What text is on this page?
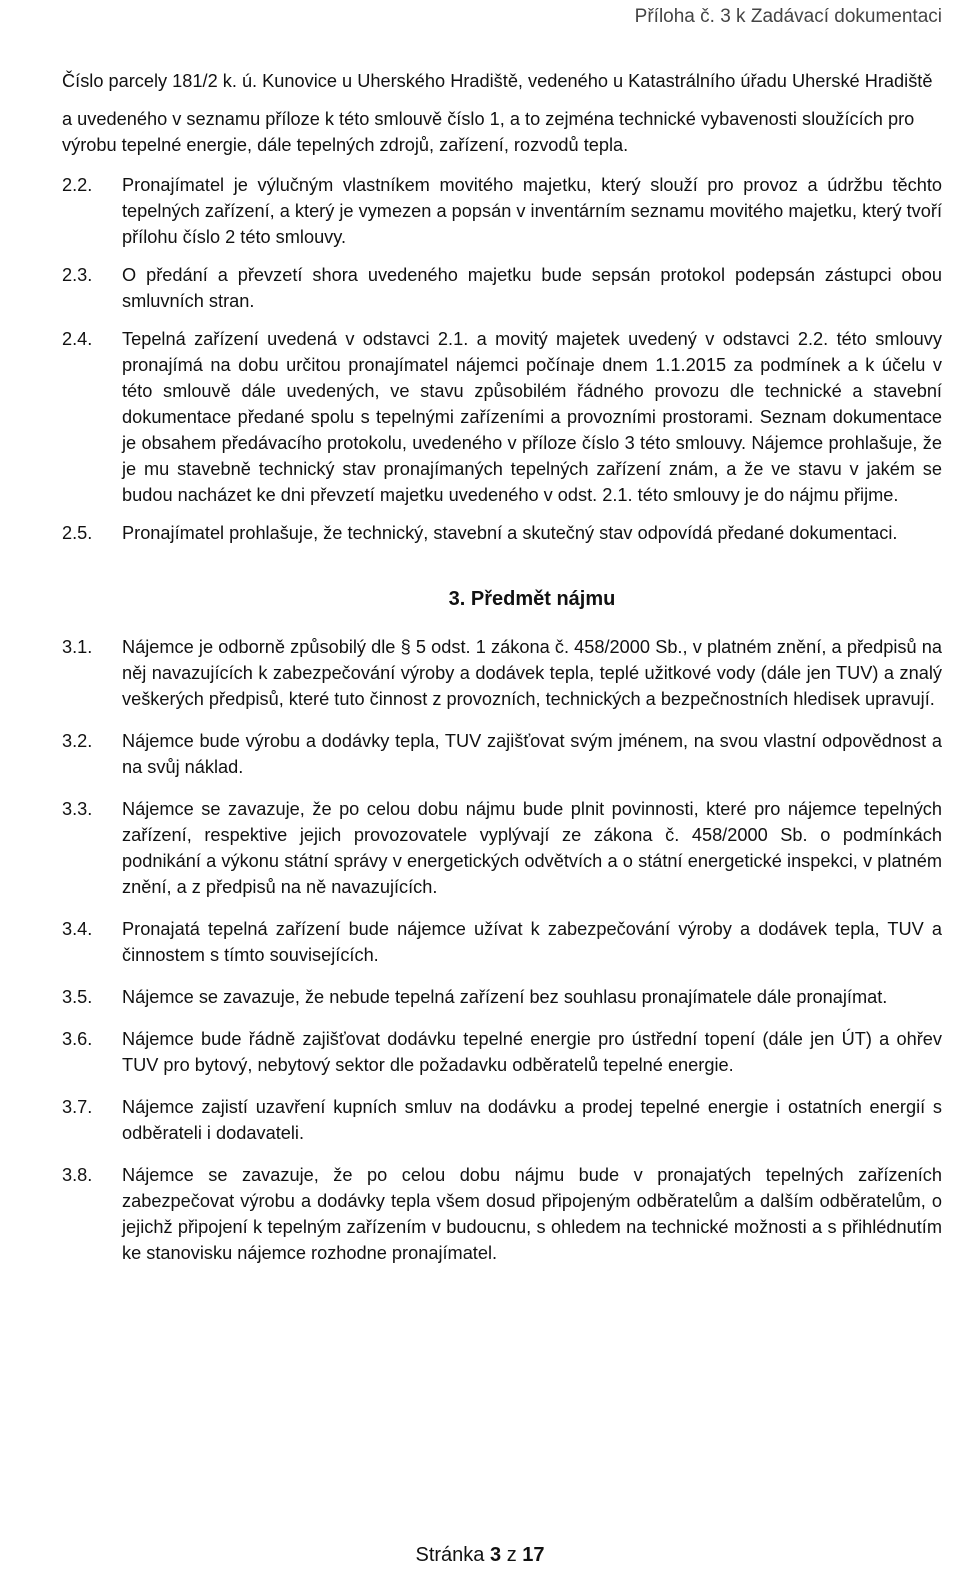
Příloha č. 3 k Zadávací dokumentaci

Číslo parcely 181/2 k. ú. Kunovice u Uherského Hradiště, vedeného u Katastrálního úřadu Uherské Hradiště

a uvedeného v seznamu příloze k této smlouvě číslo 1, a to zejména technické vybavenosti sloužících pro výrobu tepelné energie, dále tepelných zdrojů, zařízení, rozvodů tepla.

2.2. Pronajímatel je výlučným vlastníkem movitého majetku, který slouží pro provoz a údržbu těchto tepelných zařízení, a který je vymezen a popsán v inventárním seznamu movitého majetku, který tvoří přílohu číslo 2 této smlouvy.
2.3. O předání a převzetí shora uvedeného majetku bude sepsán protokol podepsán zástupci obou smluvních stran.
2.4. Tepelná zařízení uvedená v odstavci 2.1. a movitý majetek uvedený v odstavci 2.2. této smlouvy pronajímá na dobu určitou pronajímatel nájemci počínaje dnem 1.1.2015 za podmínek a k účelu v této smlouvě dále uvedených, ve stavu způsobilém řádného provozu dle technické a stavební dokumentace předané spolu s tepelnými zařízeními a provozními prostorami. Seznam dokumentace je obsahem předávacího protokolu, uvedeného v příloze číslo 3 této smlouvy. Nájemce prohlašuje, že je mu stavebně technický stav pronajímaných tepelných zařízení znám, a že ve stavu v jakém se budou nacházet ke dni převzetí majetku uvedeného v odst. 2.1. této smlouvy je do nájmu přijme.
2.5. Pronajímatel prohlašuje, že technický, stavební a skutečný stav odpovídá předané dokumentaci.
3. Předmět nájmu
3.1. Nájemce je odborně způsobilý dle § 5 odst. 1 zákona č. 458/2000 Sb., v platném znění, a předpisů na něj navazujících k zabezpečování výroby a dodávek tepla, teplé užitkové vody (dále jen TUV) a znalý veškerých předpisů, které tuto činnost z provozních, technických a bezpečnostních hledisek upravují.
3.2. Nájemce bude výrobu a dodávky tepla, TUV zajišťovat svým jménem, na svou vlastní odpovědnost a na svůj náklad.
3.3. Nájemce se zavazuje, že po celou dobu nájmu bude plnit povinnosti, které pro nájemce tepelných zařízení, respektive jejich provozovatele vyplývají ze zákona č. 458/2000 Sb. o podmínkách podnikání a výkonu státní správy v energetických odvětvích a o státní energetické inspekci, v platném znění, a z předpisů na ně navazujících.
3.4. Pronajatá tepelná zařízení bude nájemce užívat k zabezpečování výroby a dodávek tepla, TUV a činnostem s tímto souvisejících.
3.5. Nájemce se zavazuje, že nebude tepelná zařízení bez souhlasu pronajímatele dále pronajímat.
3.6. Nájemce bude řádně zajišťovat dodávku tepelné energie pro ústřední topení (dále jen ÚT) a ohřev TUV pro bytový, nebytový sektor dle požadavku odběratelů tepelné energie.
3.7. Nájemce zajistí uzavření kupních smluv na dodávku a prodej tepelné energie i ostatních energií s odběrateli i dodavateli.
3.8. Nájemce se zavazuje, že po celou dobu nájmu bude v pronajatých tepelných zařízeních zabezpečovat výrobu a dodávky tepla všem dosud připojeným odběratelům a dalším odběratelům, o jejichž připojení k tepelným zařízením v budoucnu, s ohledem na technické možnosti a s přihlédnutím ke stanovisku nájemce rozhodne pronajímatel.
Stránka 3 z 17
